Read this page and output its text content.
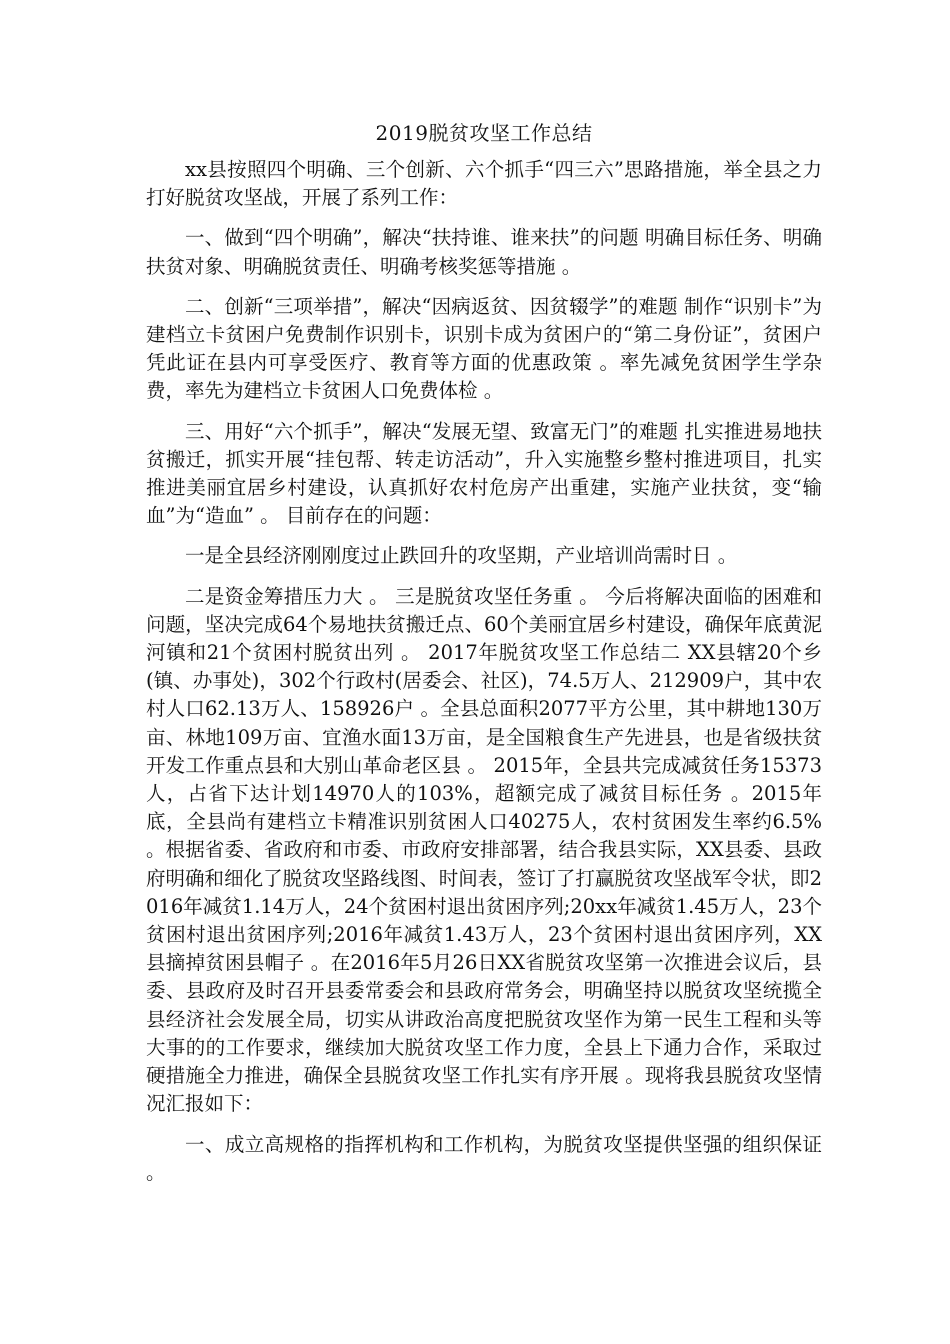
2019脱贫攻坚工作总结

xx县按照四个明确、三个创新、六个抓手“四三六”思路措施，举全县之力打好脱贫攻坚战，开展了系列工作：

一、做到“四个明确”，解决“扶持谁、谁来扶”的问题 明确目标任务、明确扶贫对象、明确脱贫责任、明确考核奖惩等措施 。

二、创新“三项举措”，解决“因病返贫、因贫辍学”的难题 制作“识别卡”为建档立卡贫困户免费制作识别卡，识别卡成为贫困户的“第二身份证”，贫困户凭此证在县内可享受医疗、教育等方面的优惠政策 。率先减免贫困学生学杂费，率先为建档立卡贫困人口免费体检 。

三、用好“六个抓手”，解决“发展无望、致富无门”的难题 扎实推进易地扶贫搬迁，抓实开展“挂包帮、转走访活动”，升入实施整乡整村推进项目，扎实推进美丽宜居乡村建设，认真抓好农村危房产出重建，实施产业扶贫，变“输血”为“造血” 。 目前存在的问题：

一是全县经济刚刚度过止跌回升的攻坚期，产业培训尚需时日 。

二是资金筹措压力大 。 三是脱贫攻坚任务重 。 今后将解决面临的困难和问题，坚决完成64个易地扶贫搬迁点、60个美丽宜居乡村建设，确保年底黄泥河镇和21个贫困村脱贫出列 。 2017年脱贫攻坚工作总结二 XX县辖20个乡(镇、办事处)，302个行政村(居委会、社区)，74.5万人、212909户，其中农村人口62.13万人、158926户 。全县总面积2077平方公里，其中耕地130万亩、林地109万亩、宜渔水面13万亩，是全国粮食生产先进县，也是省级扶贫开发工作重点县和大别山革命老区县 。 2015年，全县共完成减贫任务15373人，占省下达计划14970人的103%，超额完成了减贫目标任务 。2015年底，全县尚有建档立卡精准识别贫困人口40275人，农村贫困发生率约6.5% 。根据省委、省政府和市委、市政府安排部署，结合我县实际，XX县委、县政府明确和细化了脱贫攻坚路线图、时间表，签订了打赢脱贫攻坚战军令状，即2016年减贫1.14万人，24个贫困村退出贫困序列;20xx年减贫1.45万人，23个贫困村退出贫困序列;2016年减贫1.43万人，23个贫困村退出贫困序列，XX县摘掉贫困县帽子 。在2016年5月26日XX省脱贫攻坚第一次推进会议后，县委、县政府及时召开县委常委会和县政府常务会，明确坚持以脱贫攻坚统揽全县经济社会发展全局，切实从讲政治高度把脱贫攻坚作为第一民生工程和头等大事的的工作要求，继续加大脱贫攻坚工作力度，全县上下通力合作，采取过硬措施全力推进，确保全县脱贫攻坚工作扎实有序开展 。现将我县脱贫攻坚情况汇报如下：

一、成立高规格的指挥机构和工作机构，为脱贫攻坚提供坚强的组织保证 。
